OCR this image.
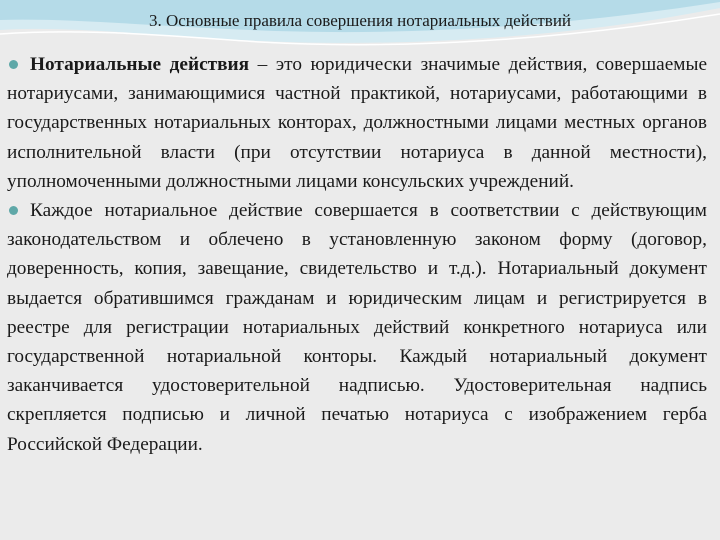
3. Основные правила совершения нотариальных действий

Нотариальные действия – это юридически значимые действия, совершаемые нотариусами, занимающимися частной практикой, нотариусами, работающими в государственных нотариальных конторах, должностными лицами местных органов исполнительной власти (при отсутствии нотариуса в данной местности), уполномоченными должностными лицами консульских учреждений.

Каждое нотариальное действие совершается в соответствии с действующим законодательством и облечено в установленную законом форму (договор, доверенность, копия, завещание, свидетельство и т.д.). Нотариальный документ выдается обратившимся гражданам и юридическим лицам и регистрируется в реестре для регистрации нотариальных действий конкретного нотариуса или государственной нотариальной конторы. Каждый нотариальный документ заканчивается удостоверительной надписью. Удостоверительная надпись скрепляется подписью и личной печатью нотариуса с изображением герба Российской Федерации.
